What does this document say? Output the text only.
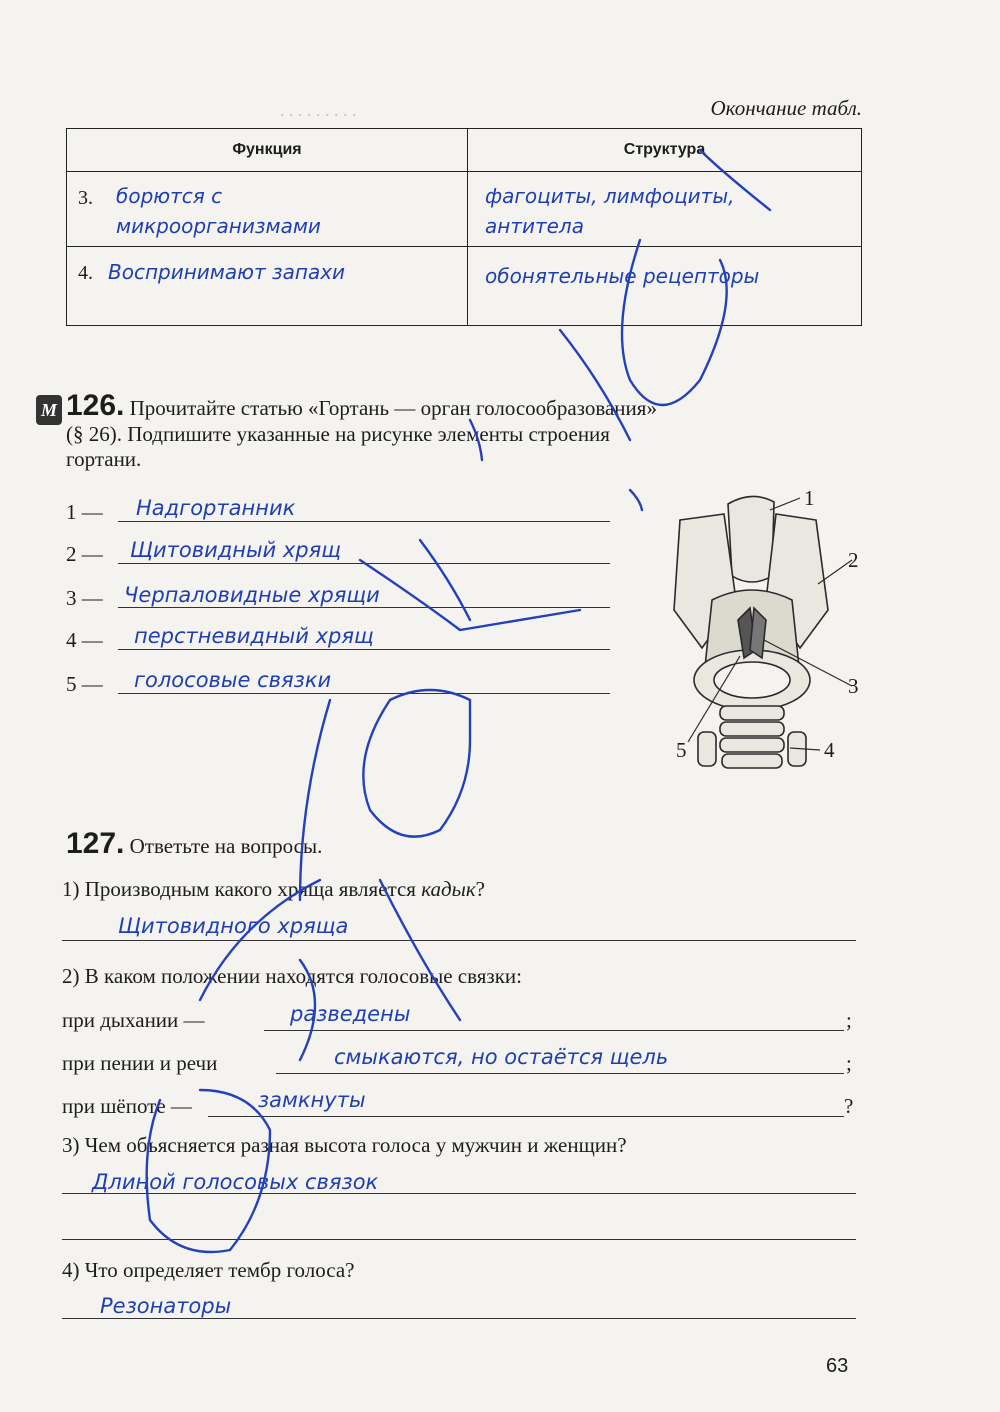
. . . . . . . . .	Окончание табл.
Функция	Структура

3. борются с микроорганизмами	фагоциты, лимфоциты, антитела

4. Воспринимают запахи	обонятельные рецепторы
М 126. Прочитайте статью «Гортань — орган голосообразования»
(§ 26). Подпишите указанные на рисунке элементы строения
гортани.
1 — Надгортанник
2 — Щитовидный хрящ
3 — Черпаловидные хрящи
4 — перстневидный хрящ
5 — голосовые связки
1
2
3
4
5
127. Ответьте на вопросы.
1) Производным какого хряща является кадык?
Щитовидного хряща
2) В каком положении находятся голосовые связки:
при дыхании —	разведены	;
при пении и речи	смыкаются, но остаётся щель	;
при шёпоте —	замкнуты	?
3) Чем объясняется разная высота голоса у мужчин и женщин?
Длиной голосовых связок
4) Что определяет тембр голоса?
Резонаторы
63
